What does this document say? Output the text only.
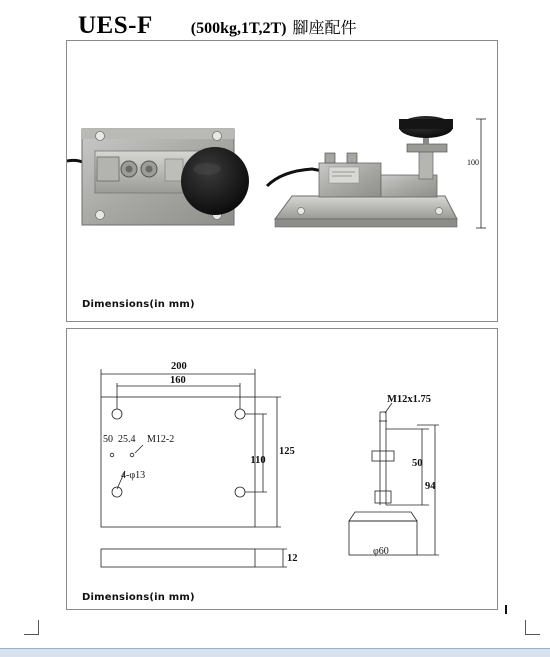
UES-F (500kg,1T,2T) 腳座配件
100
Dimensions(in mm)
200
160
125
110
50 25.4 M12-2
4-φ13
12
M12x1.75
50
94
φ60
Dimensions(in mm)
